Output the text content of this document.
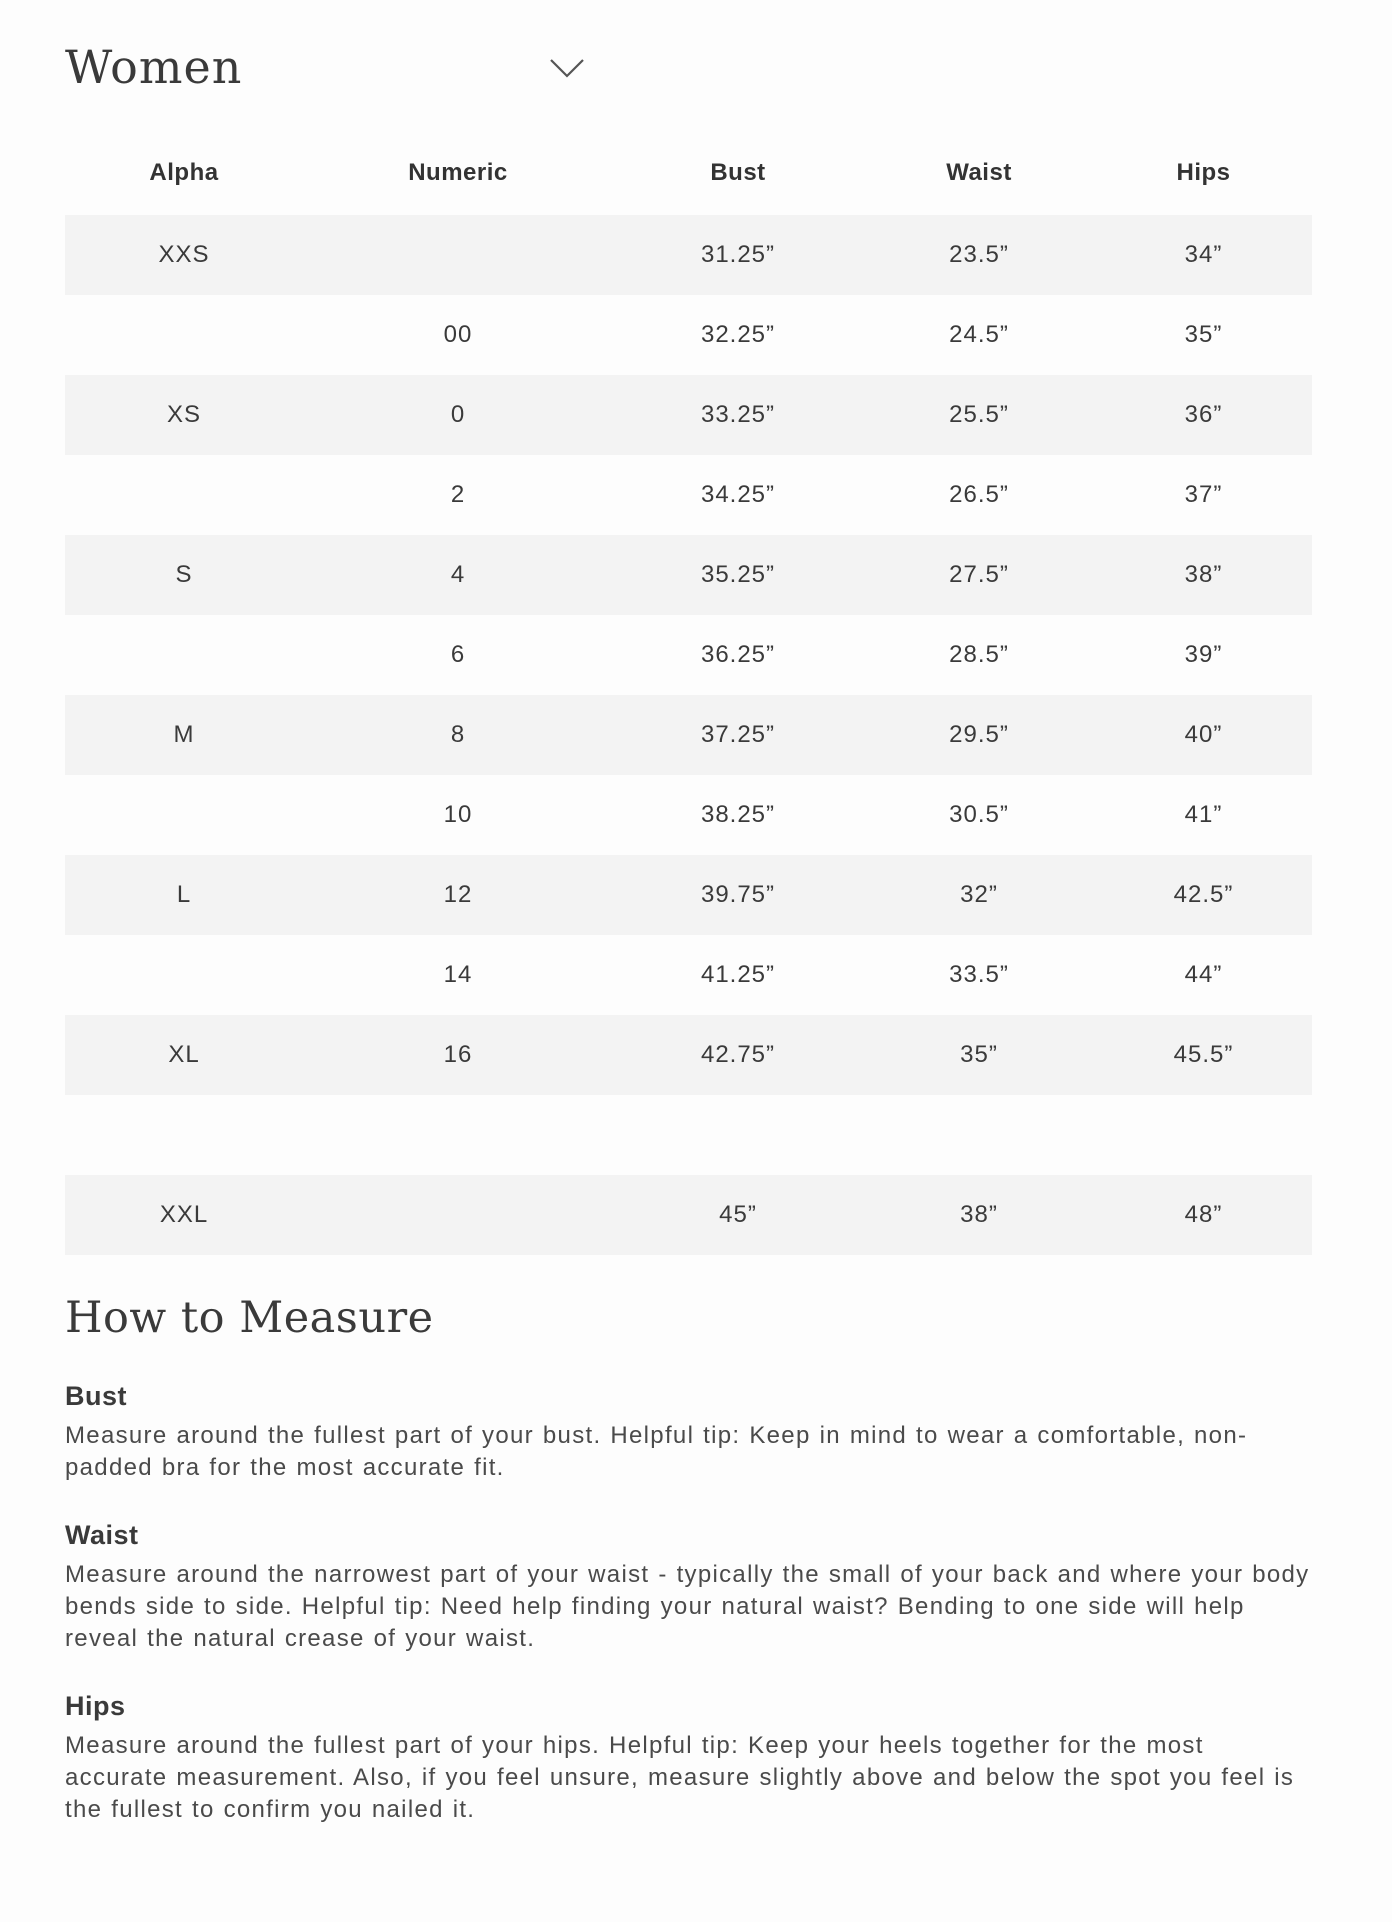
Women
Alpha	Numeric	Bust	Waist	Hips
XXS		31.25”	23.5”	34”
	00	32.25”	24.5”	35”
XS	0	33.25”	25.5”	36”
	2	34.25”	26.5”	37”
S	4	35.25”	27.5”	38”
	6	36.25”	28.5”	39”
M	8	37.25”	29.5”	40”
	10	38.25”	30.5”	41”
L	12	39.75”	32”	42.5”
	14	41.25”	33.5”	44”
XL	16	42.75”	35”	45.5”

XXL		45”	38”	48”
How to Measure
Bust

Measure around the fullest part of your bust. Helpful tip: Keep in mind to wear a comfortable, non-padded bra for the most accurate fit.

Waist

Measure around the narrowest part of your waist - typically the small of your back and where your body bends side to side. Helpful tip: Need help finding your natural waist? Bending to one side will help reveal the natural crease of your waist.

Hips

Measure around the fullest part of your hips. Helpful tip: Keep your heels together for the most accurate measurement. Also, if you feel unsure, measure slightly above and below the spot you feel is the fullest to confirm you nailed it.
